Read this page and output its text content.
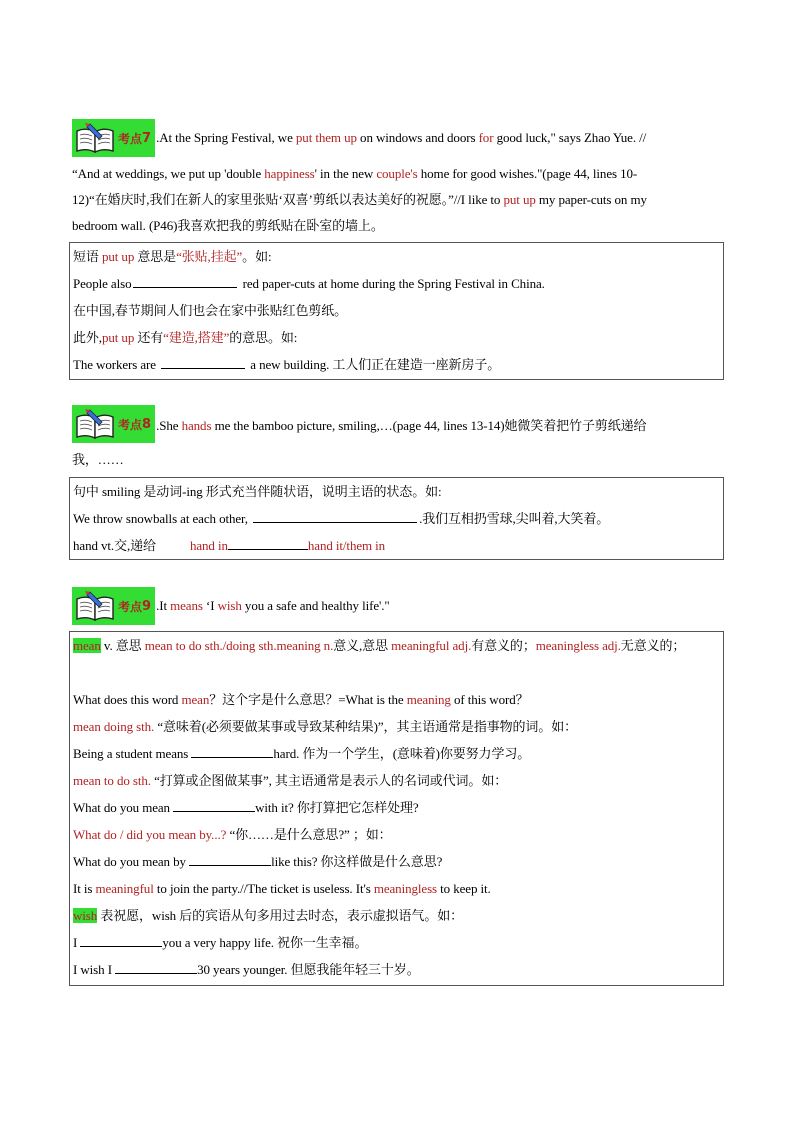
考点 7 .At the Spring Festival, we put them up on windows and doors for good luck," says Zhao Yue. //
“And at weddings, we put up 'double happiness' in the new couple's home for good wishes."(page 44, lines 10-
12)“在婚庆时,我们在新人的家里张贴‘双喜’剪纸以表达美好的祝愿。”//I like to put up my paper-cuts on my
bedroom wall. (P46)我喜欢把我的剪纸贴在卧室的墙上。
短语 put up 意思是“张贴,挂起”。如:
People also	red paper-cuts at home during the Spring Festival in China.
在中国,春节期间人们也会在家中张贴红色剪纸。
此外,put up 还有“建造,搭建”的意思。如:
The workers are	a new building. 工人们正在建造一座新房子。
考点 8 .She hands me the bamboo picture, smiling,…(page 44, lines 13-14)她微笑着把竹子剪纸递给
我，……
句中 smiling 是动词-ing 形式充当伴随状语，说明主语的状态。如:
We throw snowballs at each other,	.我们互相扔雪球,尖叫着,大笑着。
hand vt.交,递给	hand in	hand it/them in
考点 9 .It means ‘I wish you a safe and healthy life'."
mean v. 意思 mean to do sth./doing sth.meaning n.意义,意思 meaningful adj.有意义的；meaningless adj.无意义的；
What does this word mean？这个字是什么意思？=What is the meaning of this word？
mean doing sth. “意味着(必须要做某事或导致某种结果)”，其主语通常是指事物的词。如：
Being a student means	hard. 作为一个学生，(意味着)你要努力学习。
mean to do sth. “打算或企图做某事”, 其主语通常是表示人的名词或代词。如：
What do you mean	with it? 你打算把它怎样处理?
What do / did you mean by...? “你……是什么意思?” ；如：
What do you mean by	like this? 你这样做是什么意思?
It is meaningful to join the party.//The ticket is useless. It's meaningless to keep it.
wish 表祝愿，wish 后的宾语从句多用过去时态，表示虚拟语气。如：
I	you a very happy life. 祝你一生幸福。
I wish I	30 years younger. 但愿我能年轻三十岁。
